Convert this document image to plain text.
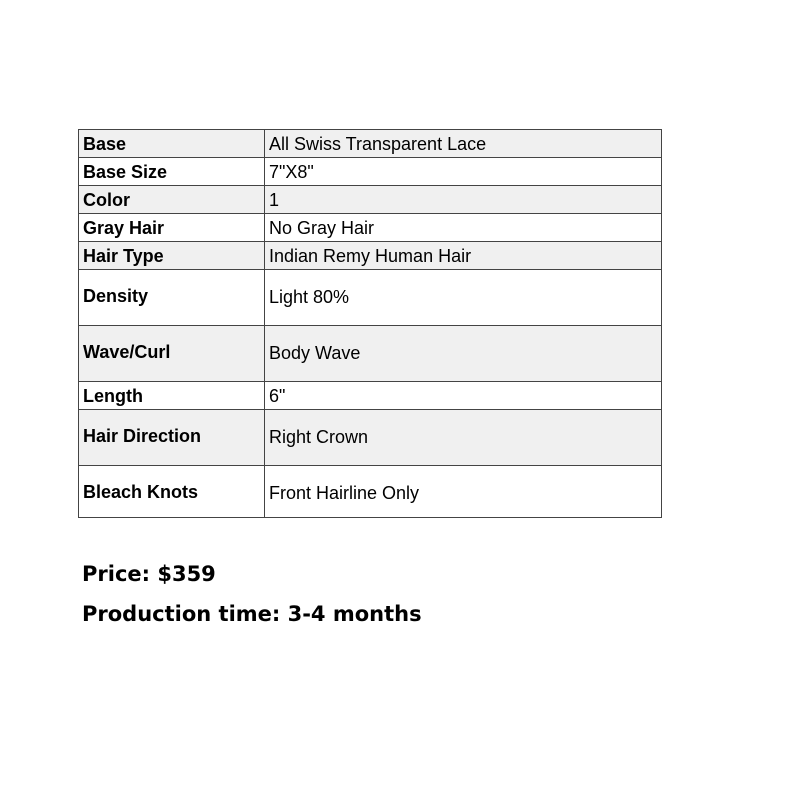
Base	All Swiss Transparent Lace
Base Size	7"X8"
Color	1
Gray Hair	No Gray Hair
Hair Type	Indian Remy Human Hair
Density	Light 80%
Wave/Curl	Body Wave
Length	6"
Hair Direction	Right Crown
Bleach Knots	Front Hairline Only
Price: $359
Production time: 3-4 months
